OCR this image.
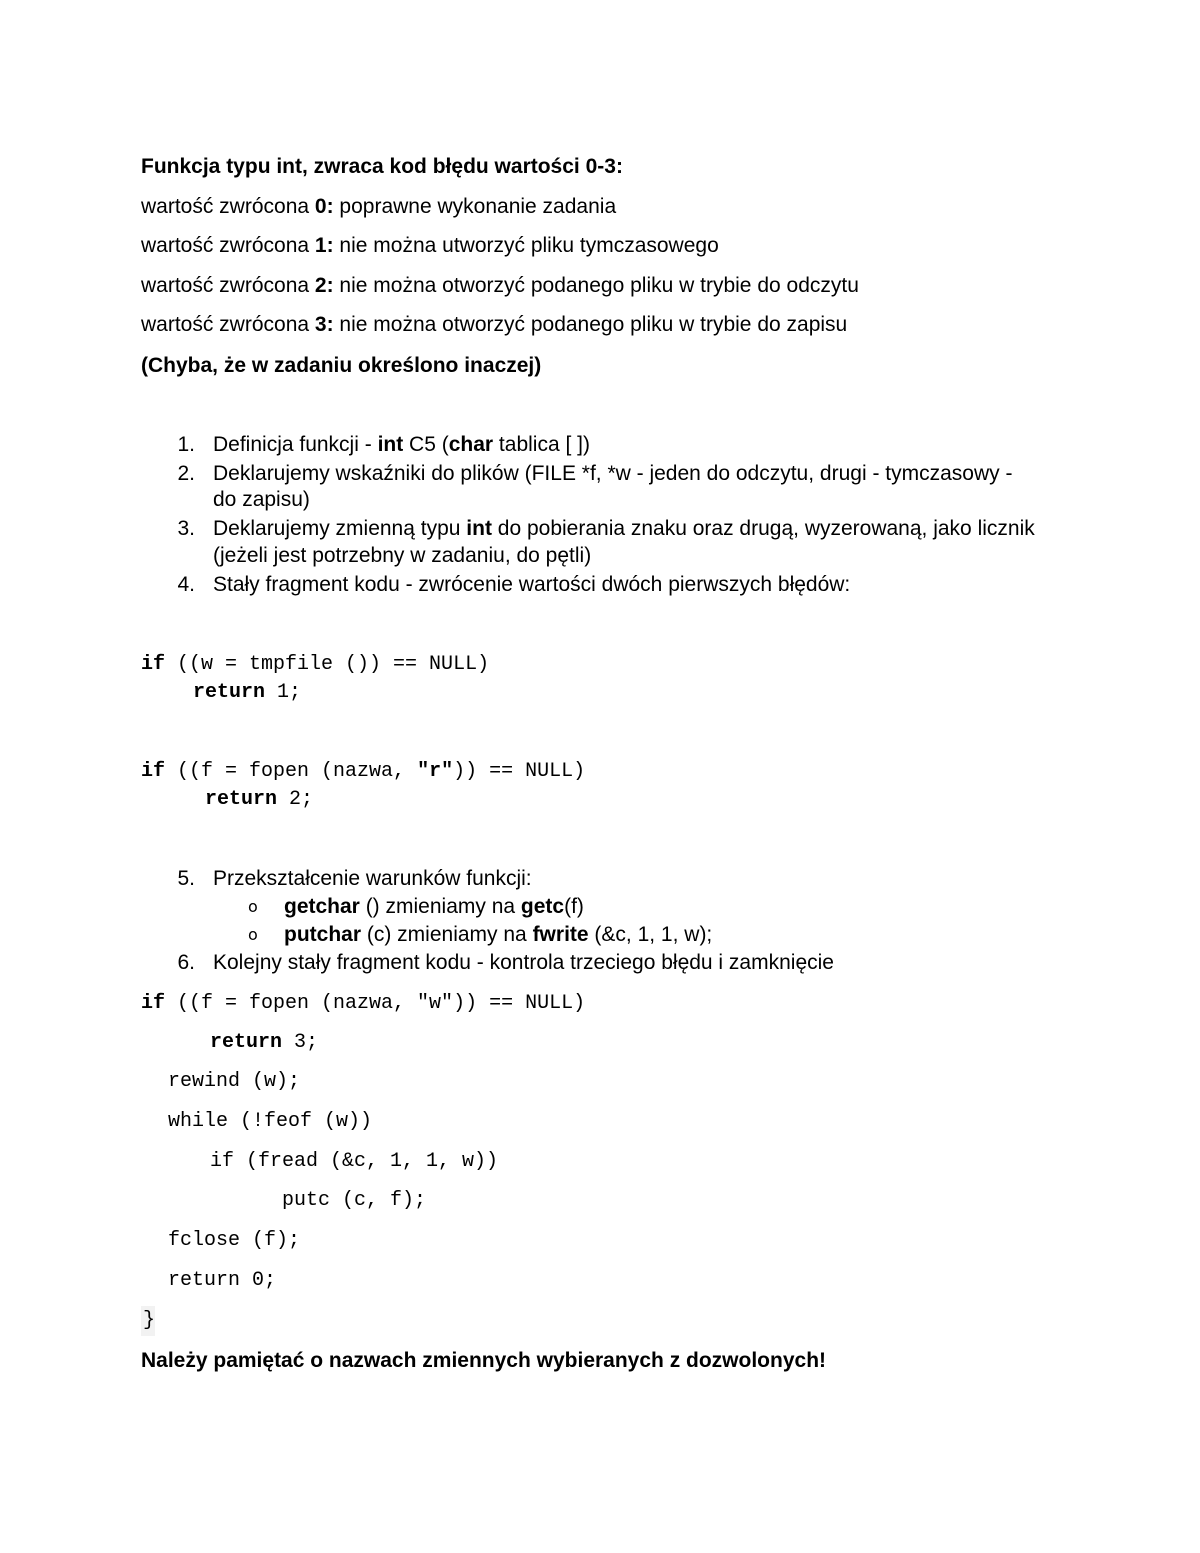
Funkcja typu int, zwraca kod błędu wartości 0-3:
wartość zwrócona 0: poprawne wykonanie zadania
wartość zwrócona 1: nie można utworzyć pliku tymczasowego
wartość zwrócona 2: nie można otworzyć podanego pliku w trybie do odczytu
wartość zwrócona 3: nie można otworzyć podanego pliku w trybie do zapisu
(Chyba, że w zadaniu określono inaczej)
1. Definicja funkcji - int C5 (char tablica [ ])
2. Deklarujemy wskaźniki do plików (FILE *f, *w - jeden do odczytu, drugi - tymczasowy -
do zapisu)
3. Deklarujemy zmienną typu int do pobierania znaku oraz drugą, wyzerowaną, jako licznik
(jeżeli jest potrzebny w zadaniu, do pętli)
4. Stały fragment kodu - zwrócenie wartości dwóch pierwszych błędów:
if ((w = tmpfile ()) == NULL)
return 1;
if ((f = fopen (nazwa, "r")) == NULL)
return 2;
5. Przekształcenie warunków funkcji:
o getchar () zmieniamy na getc(f)
o putchar (c) zmieniamy na fwrite (&c, 1, 1, w);
6. Kolejny stały fragment kodu - kontrola trzeciego błędu i zamknięcie
if ((f = fopen (nazwa, "w")) == NULL)
return 3;
rewind (w);
while (!feof (w))
if (fread (&c, 1, 1, w))
putc (c, f);
fclose (f);
return 0;
}
Należy pamiętać o nazwach zmiennych wybieranych z dozwolonych!
